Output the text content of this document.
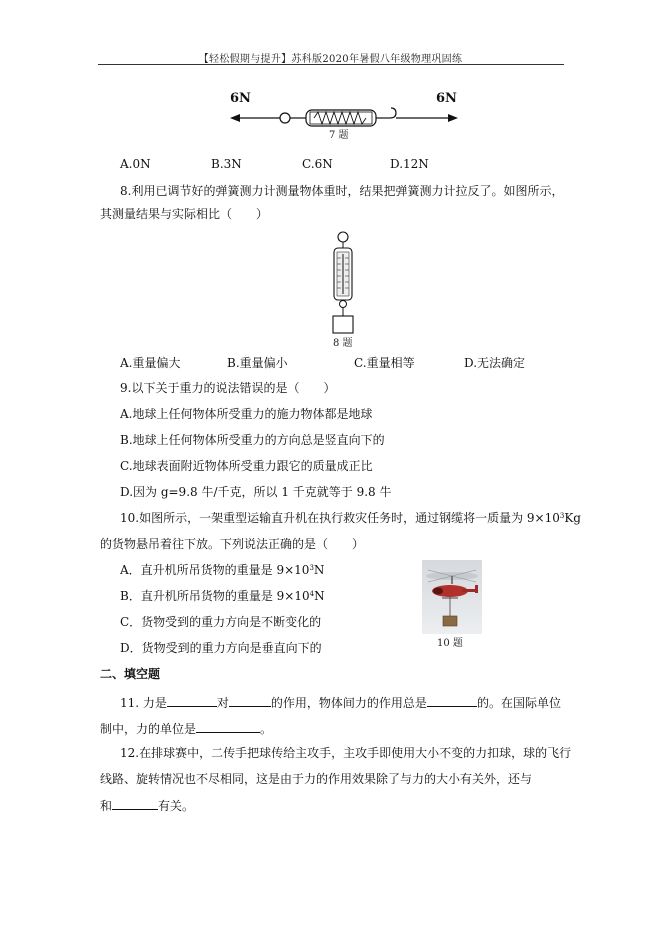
【轻松假期与提升】苏科版2020年暑假八年级物理巩固练
6N	6N
7 题
A.0N	B.3N	C.6N	D.12N
8.利用已调节好的弹簧测力计测量物体重时，结果把弹簧测力计拉反了。如图所示，
其测量结果与实际相比（　　）
8 题
A.重量偏大	B.重量偏小	C.重量相等	D.无法确定
9.以下关于重力的说法错误的是（　　）
A.地球上任何物体所受重力的施力物体都是地球
B.地球上任何物体所受重力的方向总是竖直向下的
C.地球表面附近物体所受重力跟它的质量成正比
D.因为 g=9.8 牛/千克，所以 1 千克就等于 9.8 牛
10.如图所示，一架重型运输直升机在执行救灾任务时，通过钢缆将一质量为 $9\times 10^3Kg$
的货物悬吊着往下放。下列说法正确的是（　　）
A．直升机所吊货物的重量是 $9\times 10^3N$
B．直升机所吊货物的重量是 $9\times 10^4N$
C．货物受到的重力方向是不断变化的
D．货物受到的重力方向是垂直向下的	10 题
二、填空题
11. 力是	对	的作用，物体间力的作用总是	的。在国际单位
制中，力的单位是	。
12.在排球赛中，二传手把球传给主攻手，主攻手即使用大小不变的力扣球，球的飞行
线路、旋转情况也不尽相同，这是由于力的作用效果除了与力的大小有关外，还与
和	有关。
